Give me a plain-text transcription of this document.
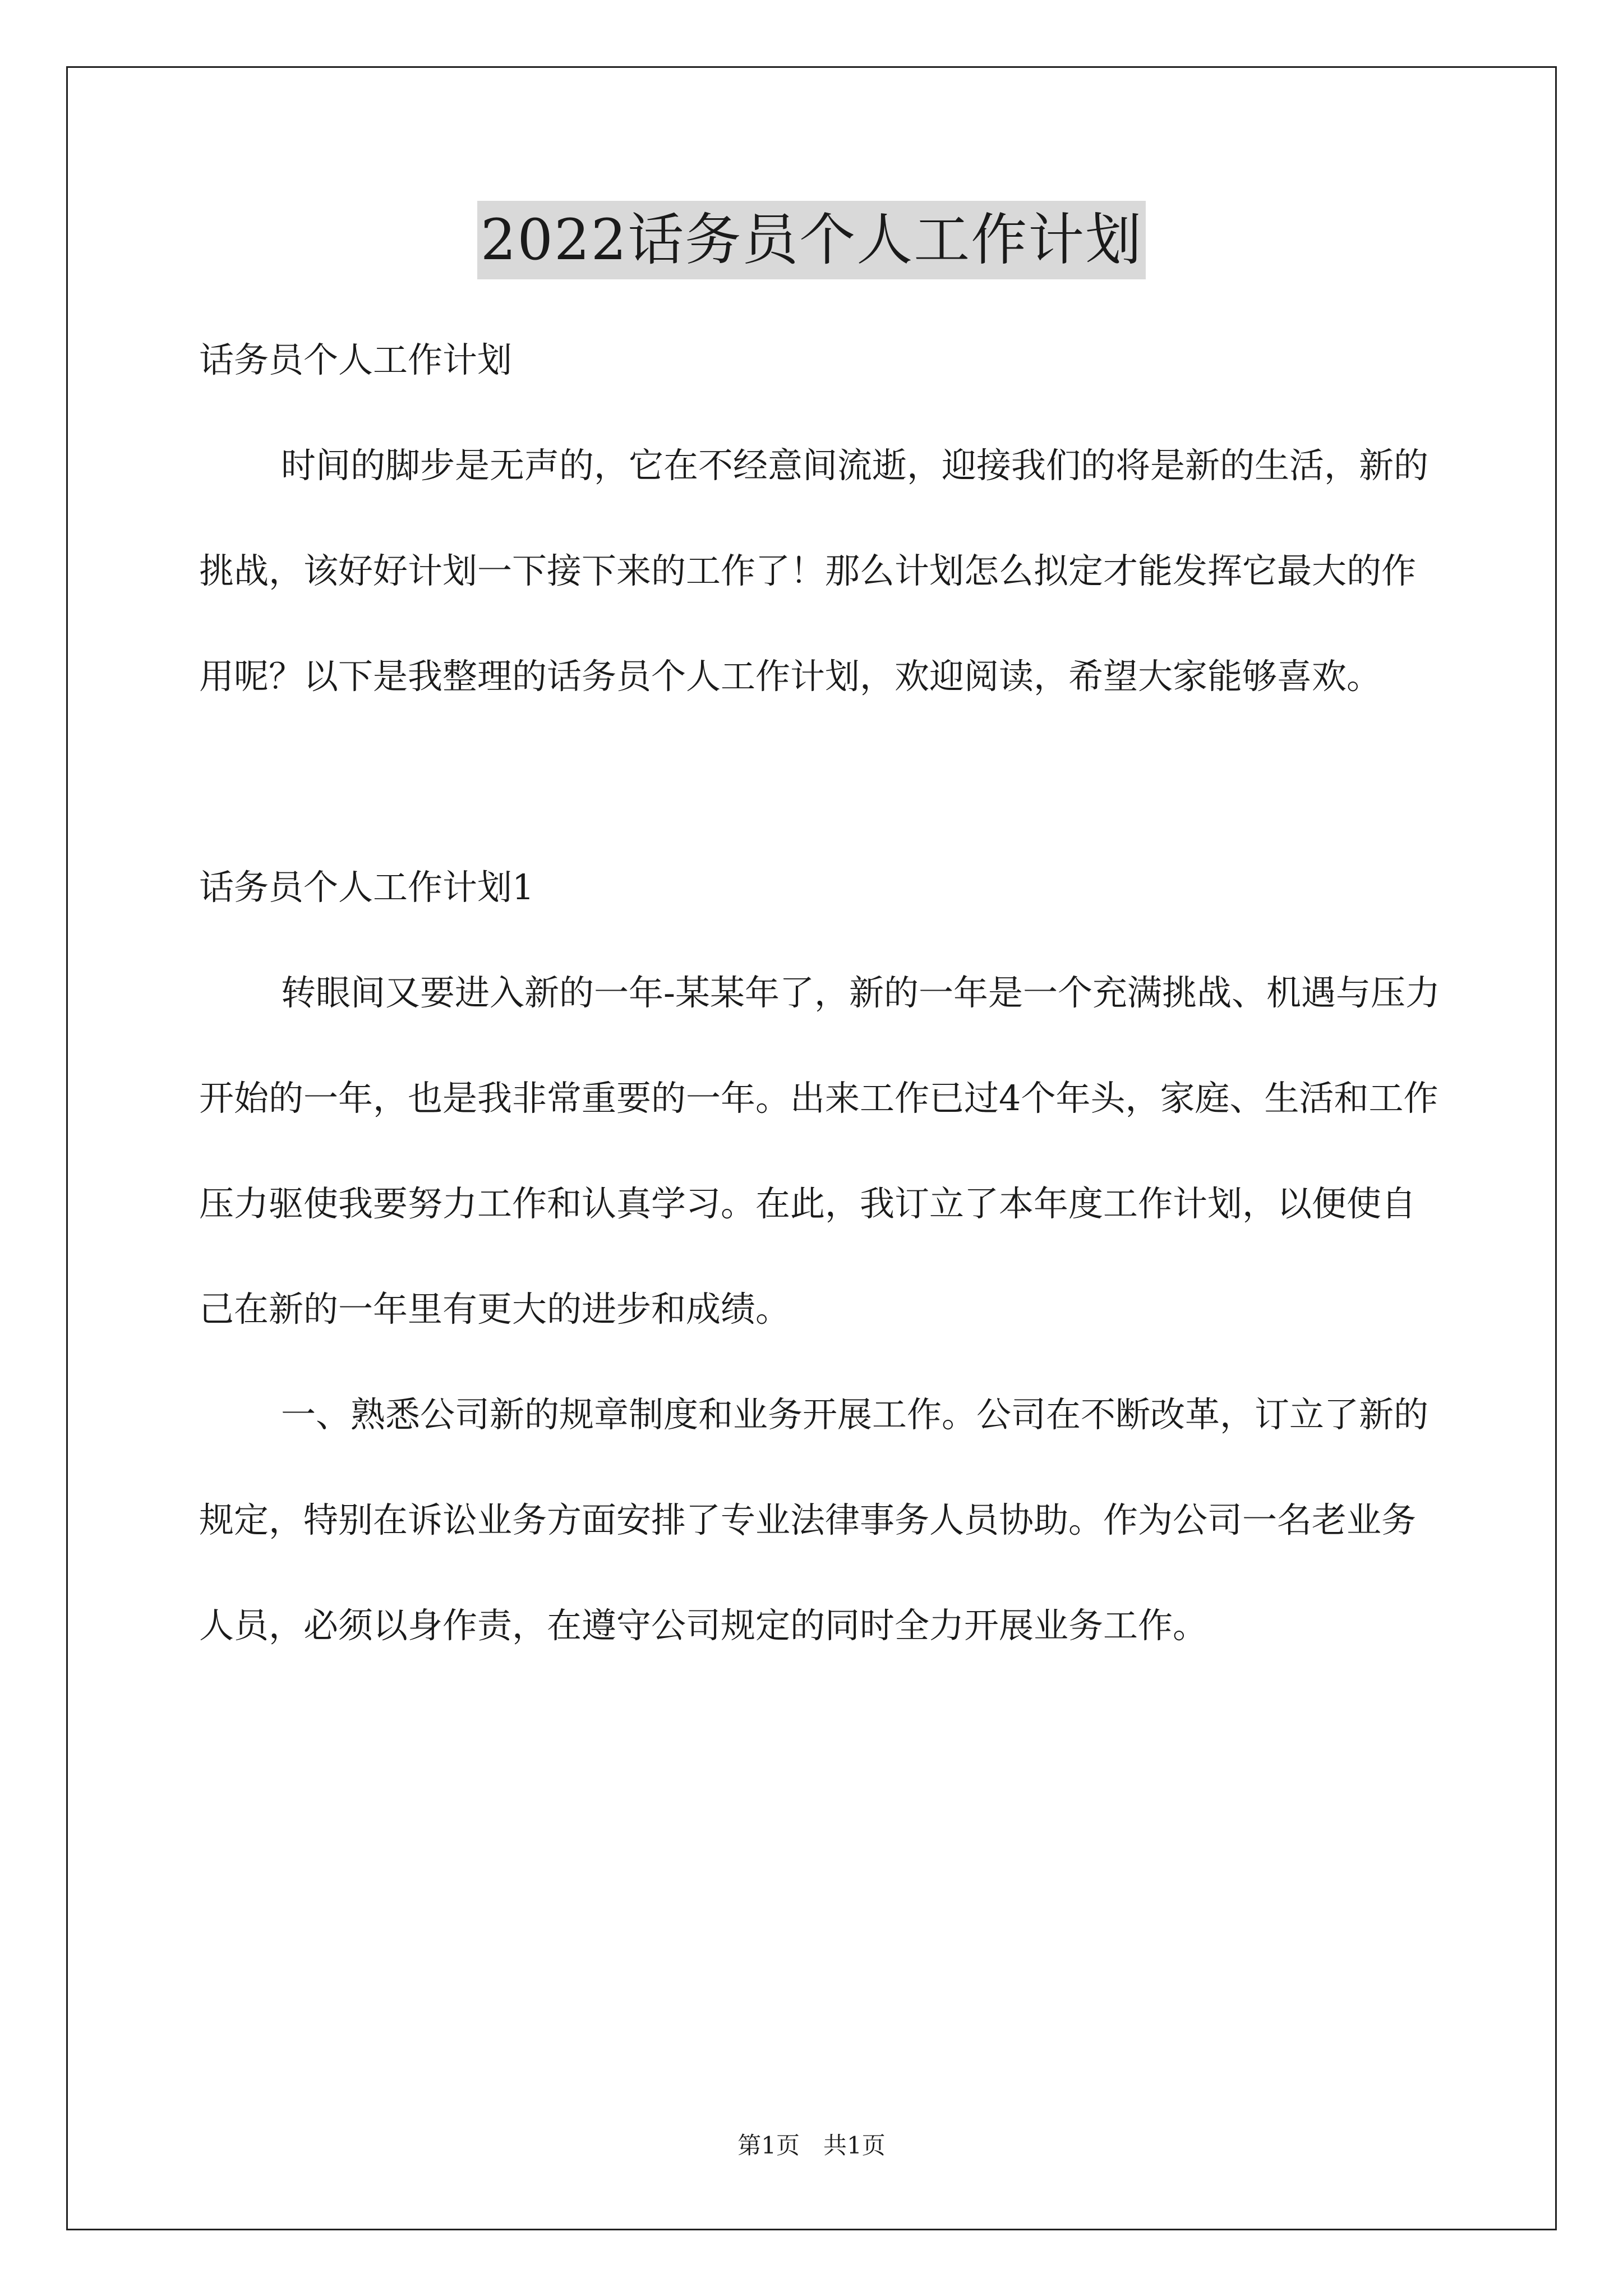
2022话务员个人工作计划

话务员个人工作计划

时间的脚步是无声的，它在不经意间流逝，迎接我们的将是新的生活，新的挑战，该好好计划一下接下来的工作了！那么计划怎么拟定才能发挥它最大的作用呢？以下是我整理的话务员个人工作计划，欢迎阅读，希望大家能够喜欢。

话务员个人工作计划1

转眼间又要进入新的一年-某某年了，新的一年是一个充满挑战、机遇与压力开始的一年，也是我非常重要的一年。出来工作已过4个年头，家庭、生活和工作压力驱使我要努力工作和认真学习。在此，我订立了本年度工作计划，以便使自己在新的一年里有更大的进步和成绩。

一、熟悉公司新的规章制度和业务开展工作。公司在不断改革，订立了新的规定，特别在诉讼业务方面安排了专业法律事务人员协助。作为公司一名老业务人员，必须以身作责，在遵守公司规定的同时全力开展业务工作。

第1页　共1页
